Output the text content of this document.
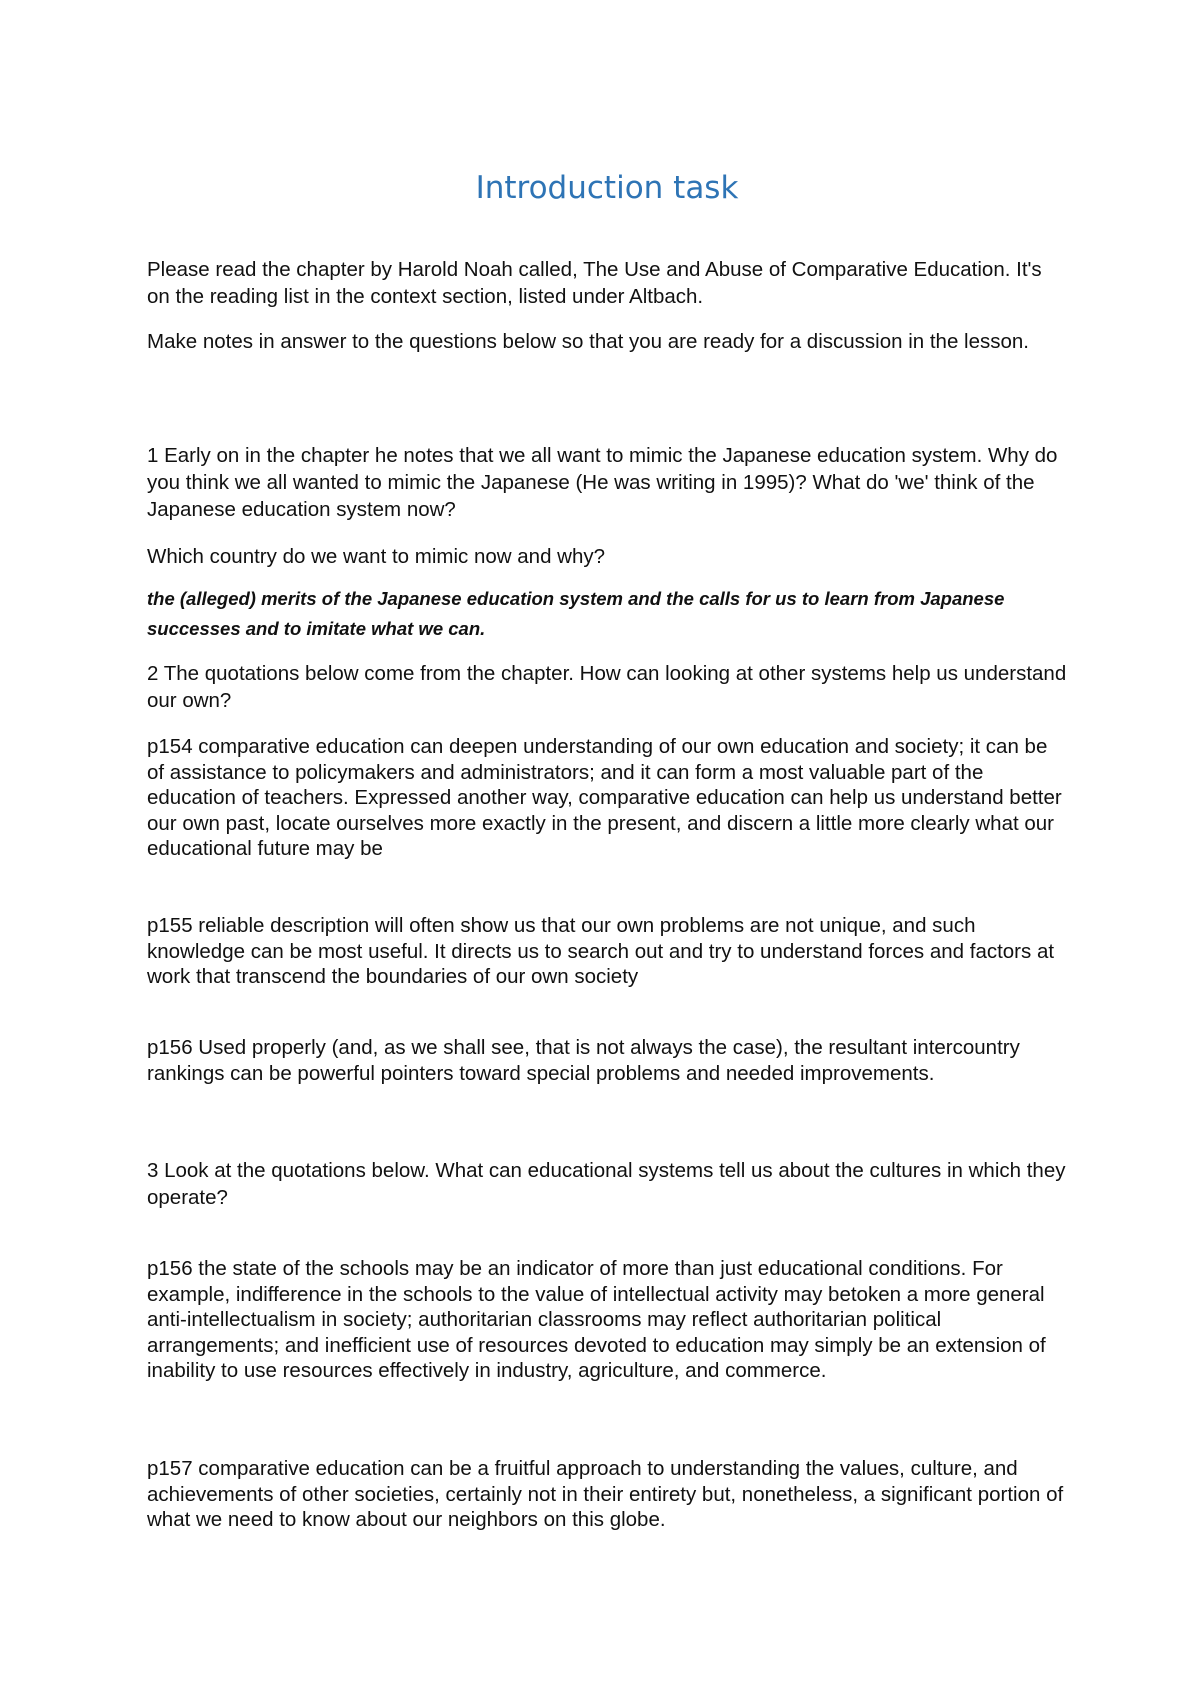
Introduction task

Please read the chapter by Harold Noah called, The Use and Abuse of Comparative Education. It's on the reading list in the context section, listed under Altbach.

Make notes in answer to the questions below so that you are ready for a discussion in the lesson.

1 Early on in the chapter he notes that we all want to mimic the Japanese education system. Why do you think we all wanted to mimic the Japanese (He was writing in 1995)? What do 'we' think of the Japanese education system now?

Which country do we want to mimic now and why?

the (alleged) merits of the Japanese education system and the calls for us to learn from Japanese successes and to imitate what we can.

2 The quotations below come from the chapter. How can looking at other systems help us understand our own?

p154 comparative education can deepen understanding of our own education and society; it can be of assistance to policymakers and administrators; and it can form a most valuable part of the education of teachers. Expressed another way, comparative education can help us understand better our own past, locate ourselves more exactly in the present, and discern a little more clearly what our educational future may be

p155 reliable description will often show us that our own problems are not unique, and such knowledge can be most useful. It directs us to search out and try to understand forces and factors at work that transcend the boundaries of our own society

p156 Used properly (and, as we shall see, that is not always the case), the resultant intercountry rankings can be powerful pointers toward special problems and needed improvements.

3 Look at the quotations below. What can educational systems tell us about the cultures in which they operate?

p156 the state of the schools may be an indicator of more than just educational conditions. For example, indifference in the schools to the value of intellectual activity may betoken a more general anti-intellectualism in society; authoritarian classrooms may reflect authoritarian political arrangements; and inefficient use of resources devoted to education may simply be an extension of inability to use resources effectively in industry, agriculture, and commerce.

p157 comparative education can be a fruitful approach to understanding the values, culture, and achievements of other societies, certainly not in their entirety but, nonetheless, a significant portion of what we need to know about our neighbors on this globe.
